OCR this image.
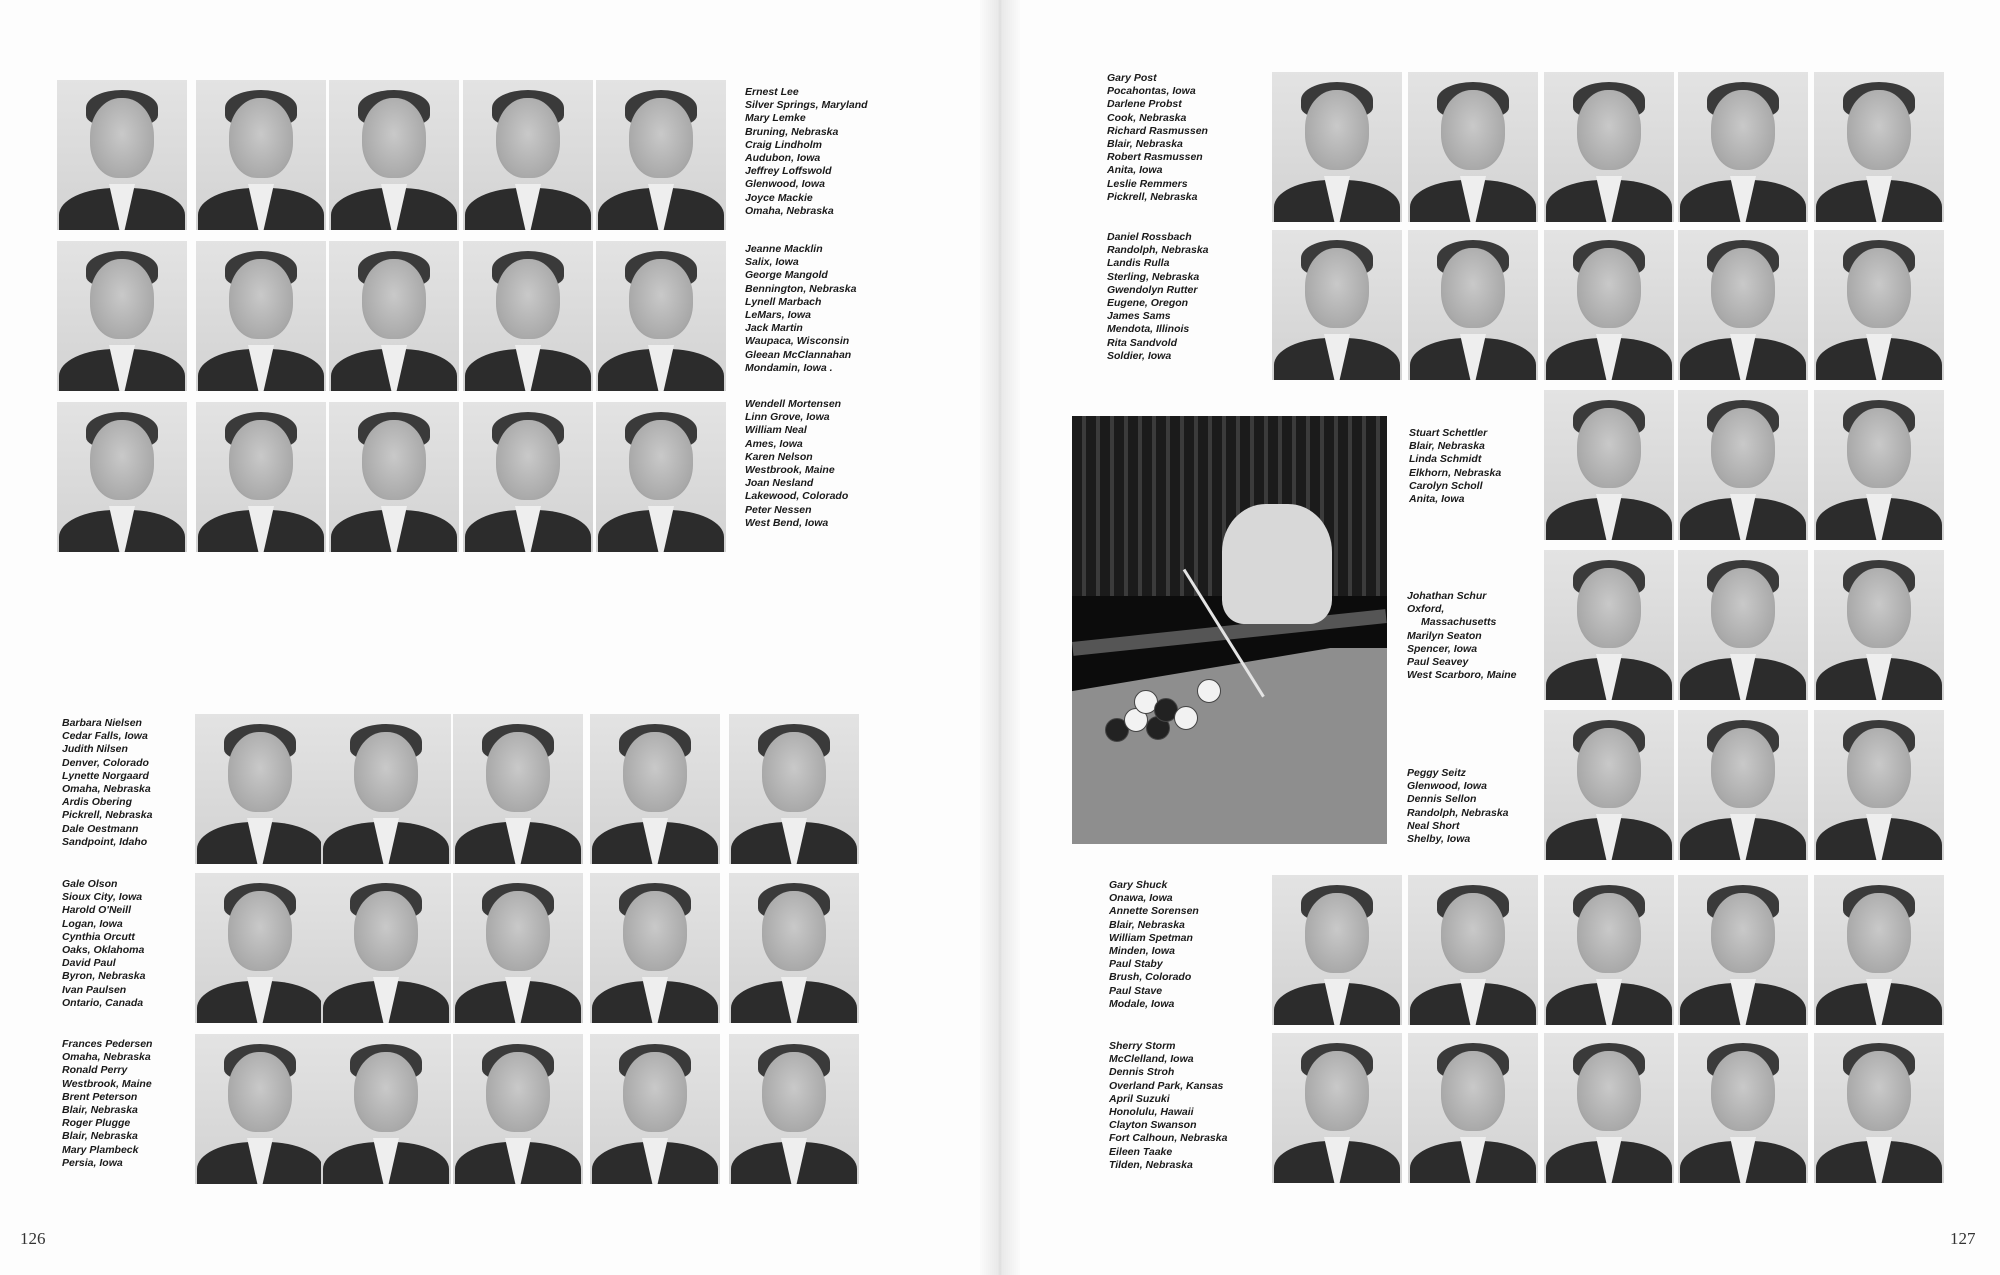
Ernest Lee
Silver Springs, Maryland
Mary Lemke
Bruning, Nebraska
Craig Lindholm
Audubon, Iowa
Jeffrey Loffswold
Glenwood, Iowa
Joyce Mackie
Omaha, Nebraska
Jeanne Macklin
Salix, Iowa
George Mangold
Bennington, Nebraska
Lynell Marbach
LeMars, Iowa
Jack Martin
Waupaca, Wisconsin
Gleean McClannahan
Mondamin, Iowa .
Wendell Mortensen
Linn Grove, Iowa
William Neal
Ames, Iowa
Karen Nelson
Westbrook, Maine
Joan Nesland
Lakewood, Colorado
Peter Nessen
West Bend, Iowa
Barbara Nielsen
Cedar Falls, Iowa
Judith Nilsen
Denver, Colorado
Lynette Norgaard
Omaha, Nebraska
Ardis Obering
Pickrell, Nebraska
Dale Oestmann
Sandpoint, Idaho
Gale Olson
Sioux City, Iowa
Harold O'Neill
Logan, Iowa
Cynthia Orcutt
Oaks, Oklahoma
David Paul
Byron, Nebraska
Ivan Paulsen
Ontario, Canada
Frances Pedersen
Omaha, Nebraska
Ronald Perry
Westbrook, Maine
Brent Peterson
Blair, Nebraska
Roger Plugge
Blair, Nebraska
Mary Plambeck
Persia, Iowa
126
Gary Post
Pocahontas, Iowa
Darlene Probst
Cook, Nebraska
Richard Rasmussen
Blair, Nebraska
Robert Rasmussen
Anita, Iowa
Leslie Remmers
Pickrell, Nebraska
Daniel Rossbach
Randolph, Nebraska
Landis Rulla
Sterling, Nebraska
Gwendolyn Rutter
Eugene, Oregon
James Sams
Mendota, Illinois
Rita Sandvold
Soldier, Iowa
Stuart Schettler
Blair, Nebraska
Linda Schmidt
Elkhorn, Nebraska
Carolyn Scholl
Anita, Iowa
Johathan Schur
Oxford,
Massachusetts
Marilyn Seaton
Spencer, Iowa
Paul Seavey
West Scarboro, Maine
Peggy Seitz
Glenwood, Iowa
Dennis Sellon
Randolph, Nebraska
Neal Short
Shelby, Iowa
Gary Shuck
Onawa, Iowa
Annette Sorensen
Blair, Nebraska
William Spetman
Minden, Iowa
Paul Staby
Brush, Colorado
Paul Stave
Modale, Iowa
Sherry Storm
McClelland, Iowa
Dennis Stroh
Overland Park, Kansas
April Suzuki
Honolulu, Hawaii
Clayton Swanson
Fort Calhoun, Nebraska
Eileen Taake
Tilden, Nebraska
127
